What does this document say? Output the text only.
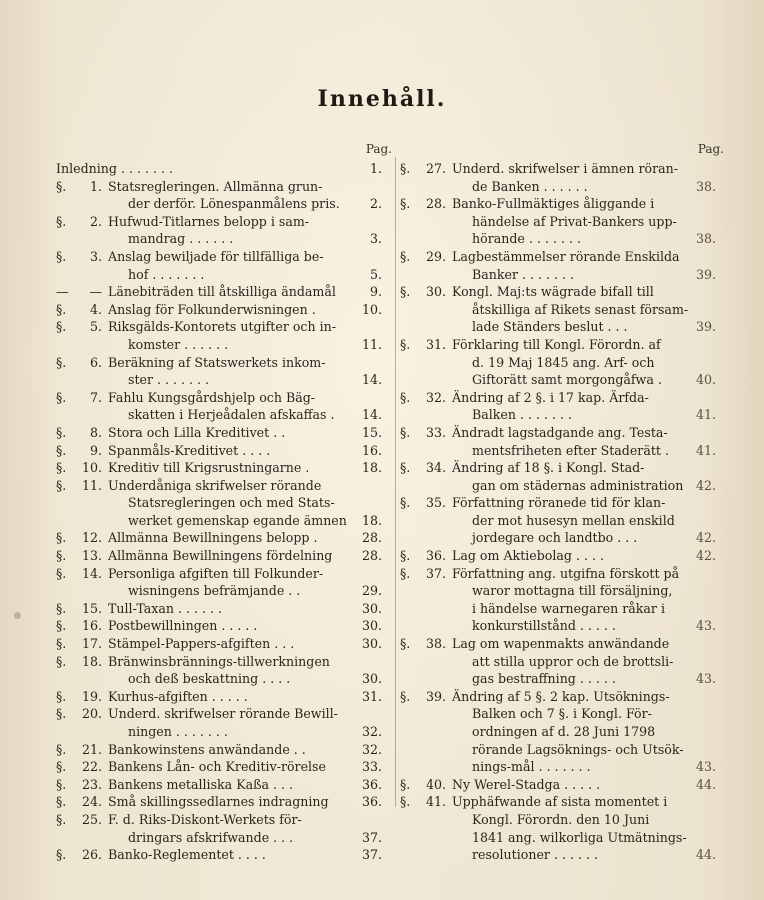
Innehåll.
Pag.
Inledning . . . . . . .	1.
§.	1. Statsregleringen. Allmänna grun-
der derför. Lönespanmålens pris. 2.
§.	2. Hufwud-Titlarnes belopp i sam-
mandrag . . . . . .	3.
§.	3. Anslag bewiljade för tillfälliga be-
hof . . . . . . .	5.
—	— Länebiträden till åtskilliga ändamål	9.
§.	4. Anslag för Folkunderwisningen .	10.
§.	5. Riksgälds-Kontorets utgifter och in-
komster . . . . . .	11.
§.	6. Beräkning af Statswerkets inkom-
ster . . . . . . .	14.
§.	7. Fahlu Kungsgårdshjelp och Bäg-
skatten i Herjeådalen afskaffas . 14.
§.	8. Stora och Lilla Kreditivet . .	15.
§.	9. Spanmåls-Kreditivet . . . .	16.
§.	10. Kreditiv till Krigsrustningarne .	18.
§.	11. Underdåniga skrifwelser rörande
Statsregleringen och med Stats-
werket gemenskap egande ämnen 18.
§.	12. Allmänna Bewillningens belopp .	28.
§.	13. Allmänna Bewillningens fördelning 28.
§.	14. Personliga afgiften till Folkunder-
wisningens befrämjande . .	29.
§.	15. Tull-Taxan . . . . . .	30.
§.	16. Postbewillningen . . . . .	30.
§.	17. Stämpel-Pappers-afgiften . . .	30.
§.	18. Bränwinsbrännings-tillwerkningen
och deß beskattning . . . .	30.
§.	19. Kurhus-afgiften . . . . .	31.
§.	20. Underd. skrifwelser rörande Bewill-
ningen . . . . . . .	32.
§.	21. Bankowinstens anwändande . .	32.
§.	22. Bankens Lån- och Kreditiv-rörelse	33.
§.	23. Bankens metalliska Kaßa . . .	36.
§.	24. Små skillingssedlarnes indragning	36.
§.	25. F. d. Riks-Diskont-Werkets för-
dringars afskrifwande . . .	37.
§.	26. Banko-Reglementet . . . .	37.
Pag.
§.	27. Underd. skrifwelser i ämnen röran-
de Banken . . . . . .	38.
§.	28. Banko-Fullmäktiges åliggande i
händelse af Privat-Bankers upp-
hörande . . . . . . .	38.
§.	29. Lagbestämmelser rörande Enskilda
Banker . . . . . . .	39.
§.	30. Kongl. Maj:ts wägrade bifall till
åtskilliga af Rikets senast försam-
lade Ständers beslut . . .	39.
§.	31. Förklaring till Kongl. Förordn. af
d. 19 Maj 1845 ang. Arf- och
Giftorätt samt morgongåfwa .	40.
§.	32. Ändring af 2 §. i 17 kap. Ärfda-
Balken . . . . . . .	41.
§.	33. Ändradt lagstadgande ang. Testa-
mentsfriheten efter Staderätt . 41.
§.	34. Ändring af 18 §. i Kongl. Stad-
gan om städernas administration 42.
§.	35. Författning röranede tid för klan-
der mot husesyn mellan enskild
jordegare och landtbo . . .	42.
§.	36. Lag om Aktiebolag . . . .	42.
§.	37. Författning ang. utgifna förskott på
waror mottagna till försäljning,
i händelse warnegaren råkar i
konkurstillstånd . . . . .	43.
§.	38. Lag om wapenmakts anwändande
att stilla uppror och de brottsli-
gas bestraffning . . . . .	43.
§.	39. Ändring af 5 §. 2 kap. Utsöknings-
Balken och 7 §. i Kongl. För-
ordningen af d. 28 Juni 1798
rörande Lagsöknings- och Utsök-
nings-mål . . . . . . .	43.
§.	40. Ny Werel-Stadga . . . . .	44.
§.	41. Upphäfwande af sista momentet i
Kongl. Förordn. den 10 Juni
1841 ang. wilkorliga Utmätnings-
resolutioner . . . . . .	44.
